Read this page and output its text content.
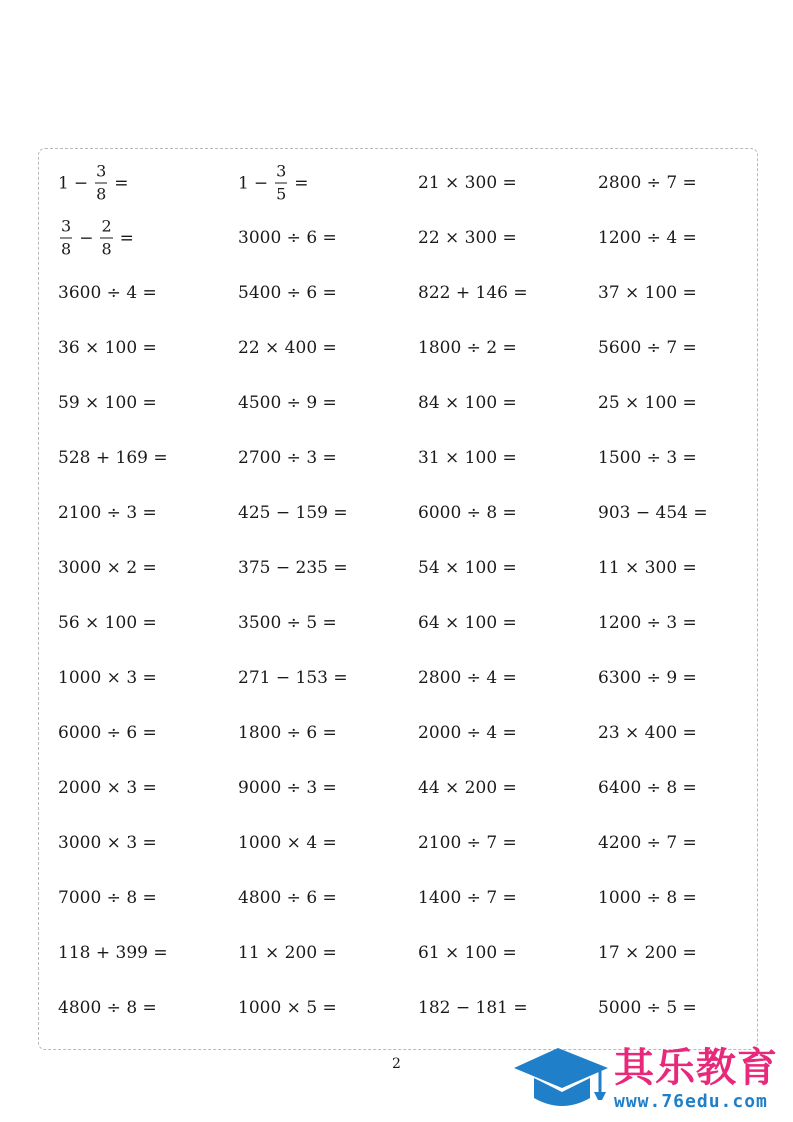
$1 - \frac{3}{8}$ =	$1 - \frac{3}{5}$ =	21 × 300 =	2800 ÷ 7 =
$\frac{3}{8} - \frac{2}{8}$ =	3000 ÷ 6 =	22 × 300 =	1200 ÷ 4 =
3600 ÷ 4 =	5400 ÷ 6 =	822 + 146 =	37 × 100 =
36 × 100 =	22 × 400 =	1800 ÷ 2 =	5600 ÷ 7 =
59 × 100 =	4500 ÷ 9 =	84 × 100 =	25 × 100 =
528 + 169 =	2700 ÷ 3 =	31 × 100 =	1500 ÷ 3 =
2100 ÷ 3 =	425 − 159 =	6000 ÷ 8 =	903 − 454 =
3000 × 2 =	375 − 235 =	54 × 100 =	11 × 300 =
56 × 100 =	3500 ÷ 5 =	64 × 100 =	1200 ÷ 3 =
1000 × 3 =	271 − 153 =	2800 ÷ 4 =	6300 ÷ 9 =
6000 ÷ 6 =	1800 ÷ 6 =	2000 ÷ 4 =	23 × 400 =
2000 × 3 =	9000 ÷ 3 =	44 × 200 =	6400 ÷ 8 =
3000 × 3 =	1000 × 4 =	2100 ÷ 7 =	4200 ÷ 7 =
7000 ÷ 8 =	4800 ÷ 6 =	1400 ÷ 7 =	1000 ÷ 8 =
118 + 399 =	11 × 200 =	61 × 100 =	17 × 200 =
4800 ÷ 8 =	1000 × 5 =	182 − 181 =	5000 ÷ 5 =
2	其乐教育
www.76edu.com
